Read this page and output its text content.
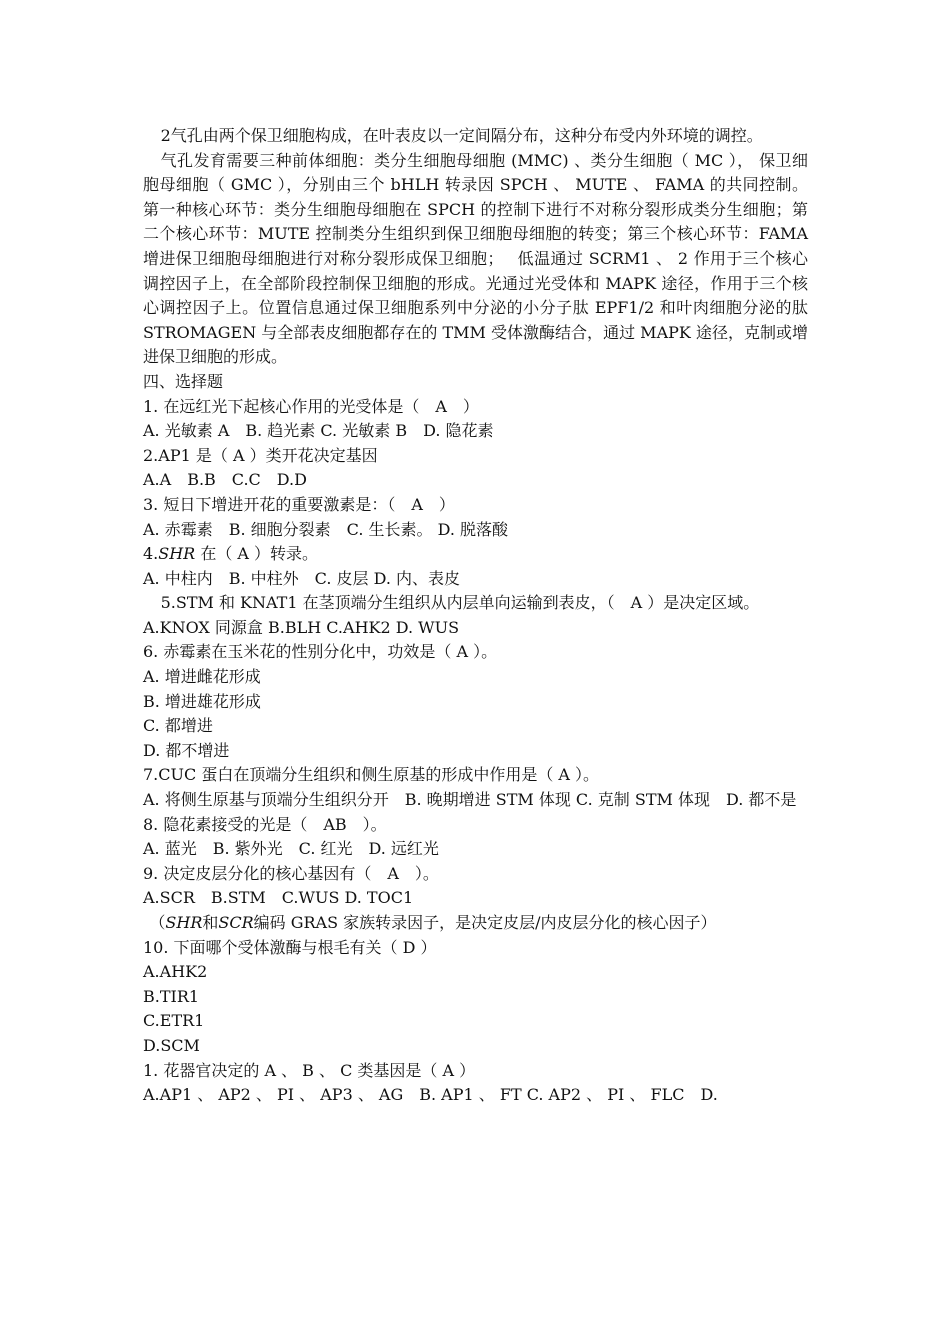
2气孔由两个保卫细胞构成，在叶表皮以一定间隔分布，这种分布受内外环境的调控。

气孔发育需要三种前体细胞：类分生细胞母细胞 (MMC) 、类分生细胞（ MC ）， 保卫细胞母细胞（ GMC ），分别由三个 bHLH 转录因 SPCH 、 MUTE 、 FAMA 的共同控制。第一种核心环节：类分生细胞母细胞在 SPCH 的控制下进行不对称分裂形成类分生细胞；第二个核心环节：MUTE 控制类分生组织到保卫细胞母细胞的转变；第三个核心环节：FAMA 增进保卫细胞母细胞进行对称分裂形成保卫细胞；　 低温通过 SCRM1 、 2 作用于三个核心调控因子上，在全部阶段控制保卫细胞的形成。光通过光受体和 MAPK 途径，作用于三个核心调控因子上。位置信息通过保卫细胞系列中分泌的小分子肽 EPF1/2 和叶肉细胞分泌的肽 STROMAGEN 与全部表皮细胞都存在的 TMM 受体激酶结合，通过 MAPK 途径，克制或增进保卫细胞的形成。

四、选择题

1. 在远红光下起核心作用的光受体是（　A　）

A. 光敏素 A　B. 趋光素 C. 光敏素 B　D. 隐花素

2.AP1 是（ A ）类开花决定基因

A.A　B.B　C.C　D.D

3. 短日下增进开花的重要激素是：（　A　）

A. 赤霉素　B. 细胞分裂素　C. 生长素。 D. 脱落酸

4.SHR 在（ A ）转录。

A. 中柱内　B. 中柱外　C. 皮层 D. 内、表皮

5.STM 和 KNAT1 在茎顶端分生组织从内层单向运输到表皮，（　A ）是决定区域。

A.KNOX 同源盒 B.BLH C.AHK2 D. WUS

6. 赤霉素在玉米花的性别分化中，功效是（ A ）。

A. 增进雌花形成

B. 增进雄花形成

C. 都增进

D. 都不增进

7.CUC 蛋白在顶端分生组织和侧生原基的形成中作用是（ A ）。

A. 将侧生原基与顶端分生组织分开　B. 晚期增进 STM 体现 C. 克制 STM 体现　D. 都不是

8. 隐花素接受的光是（　AB　）。

A. 蓝光　B. 紫外光　C. 红光　D. 远红光

9. 决定皮层分化的核心基因有（　A　）。

A.SCR　B.STM　C.WUS D. TOC1

（SHR和SCR编码 GRAS 家族转录因子，是决定皮层/内皮层分化的核心因子）

10. 下面哪个受体激酶与根毛有关（ D ）

A.AHK2

B.TIR1

C.ETR1

D.SCM

1. 花器官决定的 A 、 B 、 C 类基因是（ A ）

A.AP1 、 AP2 、 PI 、 AP3 、 AG　B. AP1 、 FT C. AP2 、 PI 、 FLC　D.
